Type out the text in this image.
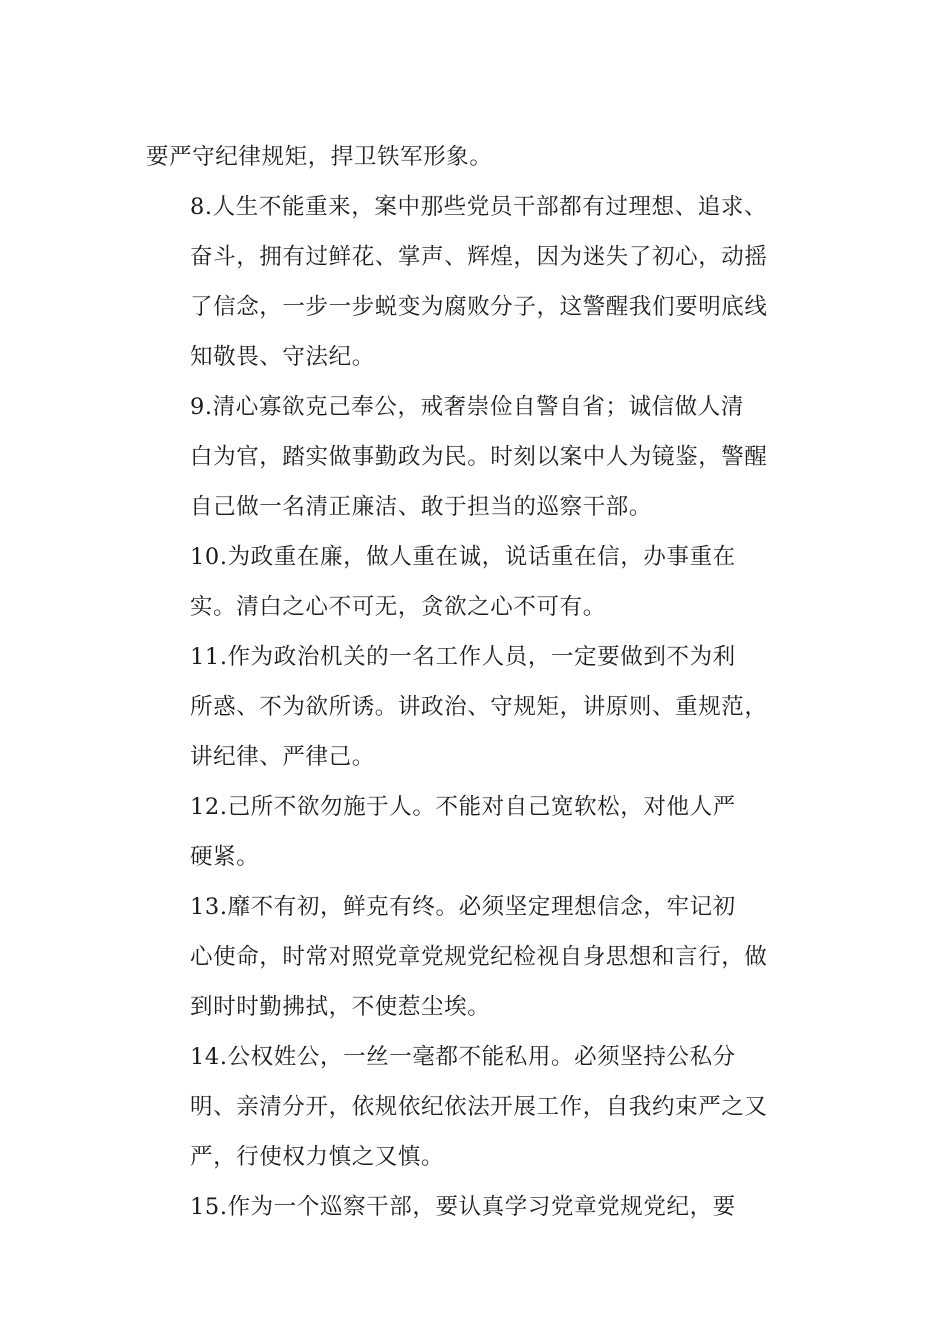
要严守纪律规矩，捍卫铁军形象。

8.人生不能重来，案中那些党员干部都有过理想、追求、
奋斗，拥有过鲜花、掌声、辉煌，因为迷失了初心，动摇
了信念，一步一步蜕变为腐败分子，这警醒我们要明底线
知敬畏、守法纪。

9.清心寡欲克己奉公，戒奢崇俭自警自省；诚信做人清
白为官，踏实做事勤政为民。时刻以案中人为镜鉴，警醒
自己做一名清正廉洁、敢于担当的巡察干部。

10.为政重在廉，做人重在诚，说话重在信，办事重在
实。清白之心不可无，贪欲之心不可有。

11.作为政治机关的一名工作人员，一定要做到不为利
所惑、不为欲所诱。讲政治、守规矩，讲原则、重规范，
讲纪律、严律己。

12.己所不欲勿施于人。不能对自己宽软松，对他人严
硬紧。

13.靡不有初，鲜克有终。必须坚定理想信念，牢记初
心使命，时常对照党章党规党纪检视自身思想和言行，做
到时时勤拂拭，不使惹尘埃。

14.公权姓公，一丝一毫都不能私用。必须坚持公私分
明、亲清分开，依规依纪依法开展工作，自我约束严之又
严，行使权力慎之又慎。

15.作为一个巡察干部，要认真学习党章党规党纪，要
